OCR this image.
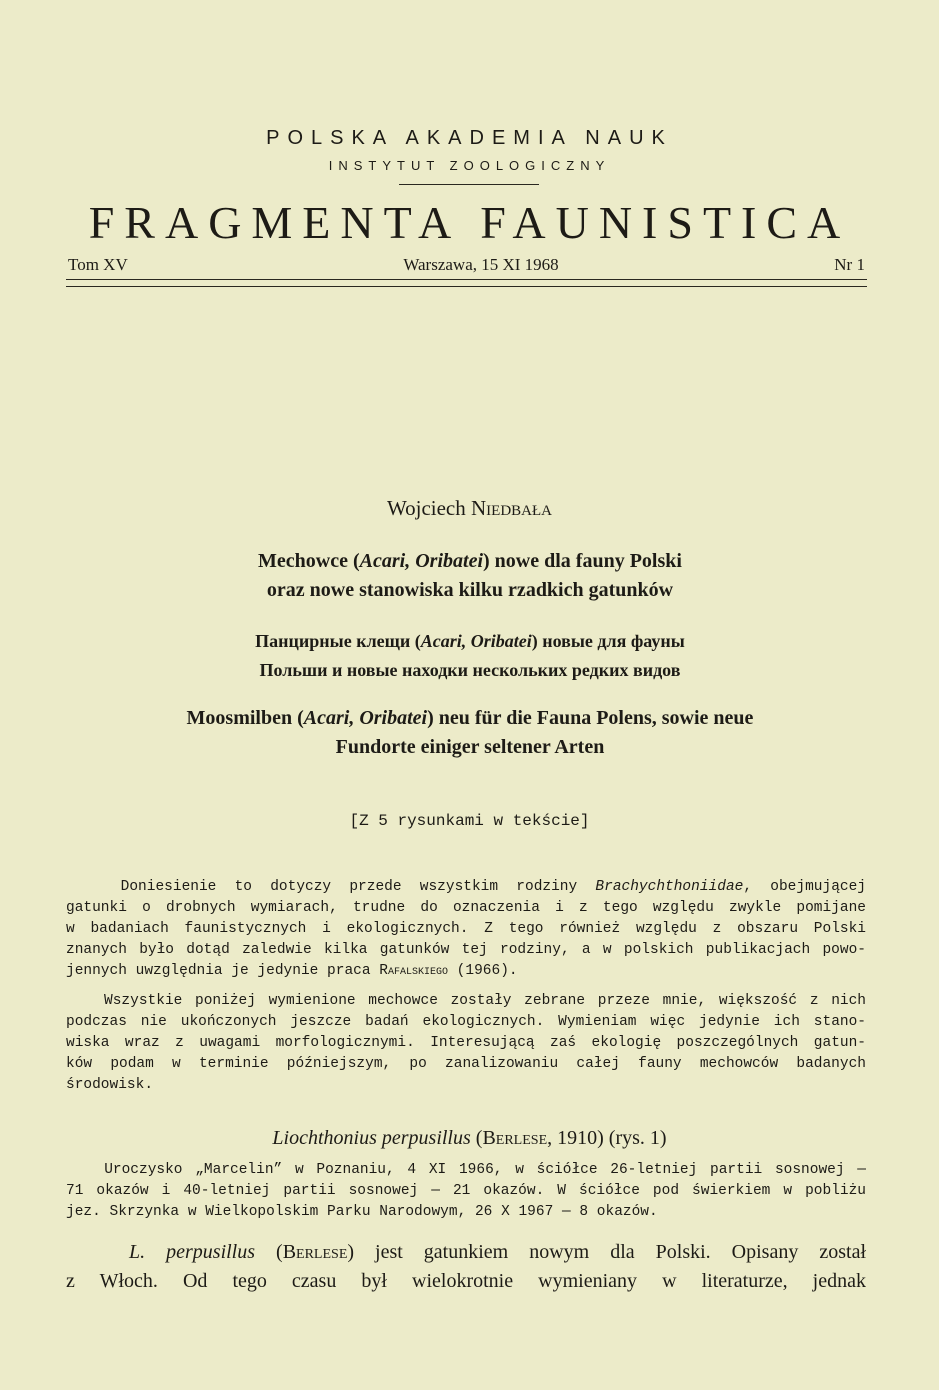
POLSKA AKADEMIA NAUK
INSTYTUT ZOOLOGICZNY
FRAGMENTA FAUNISTICA
Tom XV	Warszawa, 15 XI 1968	Nr 1
Wojciech Niedbała
Mechowce (Acari, Oribatei) nowe dla fauny Polski
oraz nowe stanowiska kilku rzadkich gatunków
Панцирные клещи (Acari, Oribatei) новые для фауны
Польши и новые находки нескольких редких видов
Moosmilben (Acari, Oribatei) neu für die Fauna Polens, sowie neue
Fundorte einiger seltener Arten
[Z 5 rysunkami w tekście]
Doniesienie to dotyczy przede wszystkim rodziny Brachychthoniidae, obejmującej
gatunki o drobnych wymiarach, trudne do oznaczenia i z tego względu zwykle pomijane
w badaniach faunistycznych i ekologicznych. Z tego również względu z obszaru Polski
znanych było dotąd zaledwie kilka gatunków tej rodziny, a w polskich publikacjach powo-
jennych uwzględnia je jedynie praca Rafalskiego (1966).
Wszystkie poniżej wymienione mechowce zostały zebrane przeze mnie, większość z nich
podczas nie ukończonych jeszcze badań ekologicznych. Wymieniam więc jedynie ich stano-
wiska wraz z uwagami morfologicznymi. Interesującą zaś ekologię poszczególnych gatun-
ków podam w terminie późniejszym, po zanalizowaniu całej fauny mechowców badanych
środowisk.
Liochthonius perpusillus (Berlese, 1910) (rys. 1)
Uroczysko „Marcelin” w Poznaniu, 4 XI 1966, w ściółce 26-letniej partii sosnowej —
71 okazów i 40-letniej partii sosnowej — 21 okazów. W ściółce pod świerkiem w pobliżu
jez. Skrzynka w Wielkopolskim Parku Narodowym, 26 X 1967 — 8 okazów.
L. perpusillus (Berlese) jest gatunkiem nowym dla Polski. Opisany został
z Włoch. Od tego czasu był wielokrotnie wymieniany w literaturze, jednak
